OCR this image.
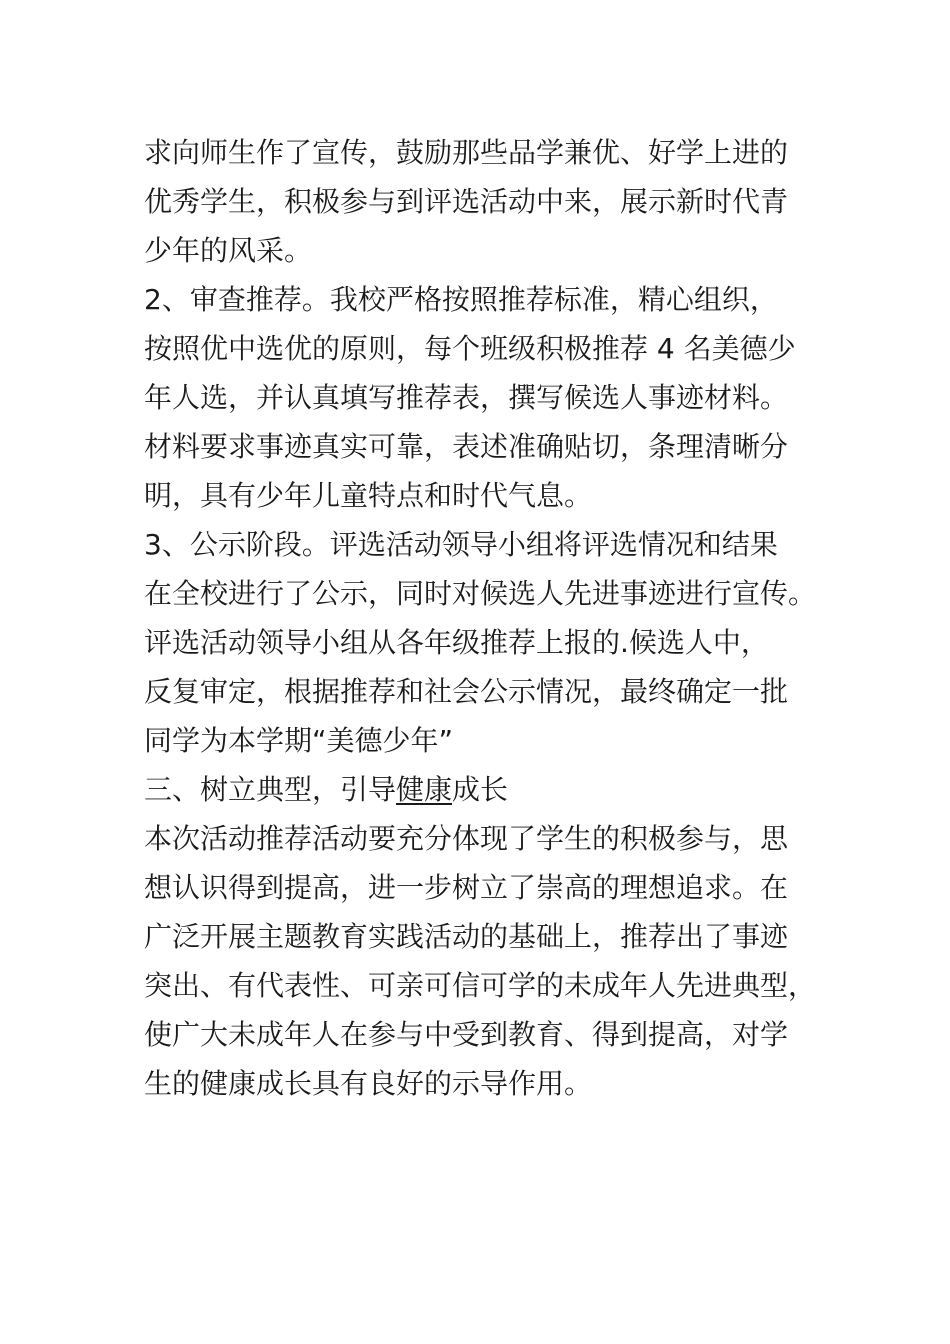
求向师生作了宣传，鼓励那些品学兼优、好学上进的
优秀学生，积极参与到评选活动中来，展示新时代青
少年的风采。
2、审查推荐。我校严格按照推荐标准，精心组织，
按照优中选优的原则，每个班级积极推荐 4 名美德少
年人选，并认真填写推荐表，撰写候选人事迹材料。
材料要求事迹真实可靠，表述准确贴切，条理清晰分
明，具有少年儿童特点和时代气息。
3、公示阶段。评选活动领导小组将评选情况和结果
在全校进行了公示，同时对候选人先进事迹进行宣传。
评选活动领导小组从各年级推荐上报的.候选人中，
反复审定，根据推荐和社会公示情况，最终确定一批
同学为本学期“美德少年”
三、树立典型，引导健康成长
本次活动推荐活动要充分体现了学生的积极参与，思
想认识得到提高，进一步树立了崇高的理想追求。在
广泛开展主题教育实践活动的基础上，推荐出了事迹
突出、有代表性、可亲可信可学的未成年人先进典型，
使广大未成年人在参与中受到教育、得到提高，对学
生的健康成长具有良好的示导作用。
